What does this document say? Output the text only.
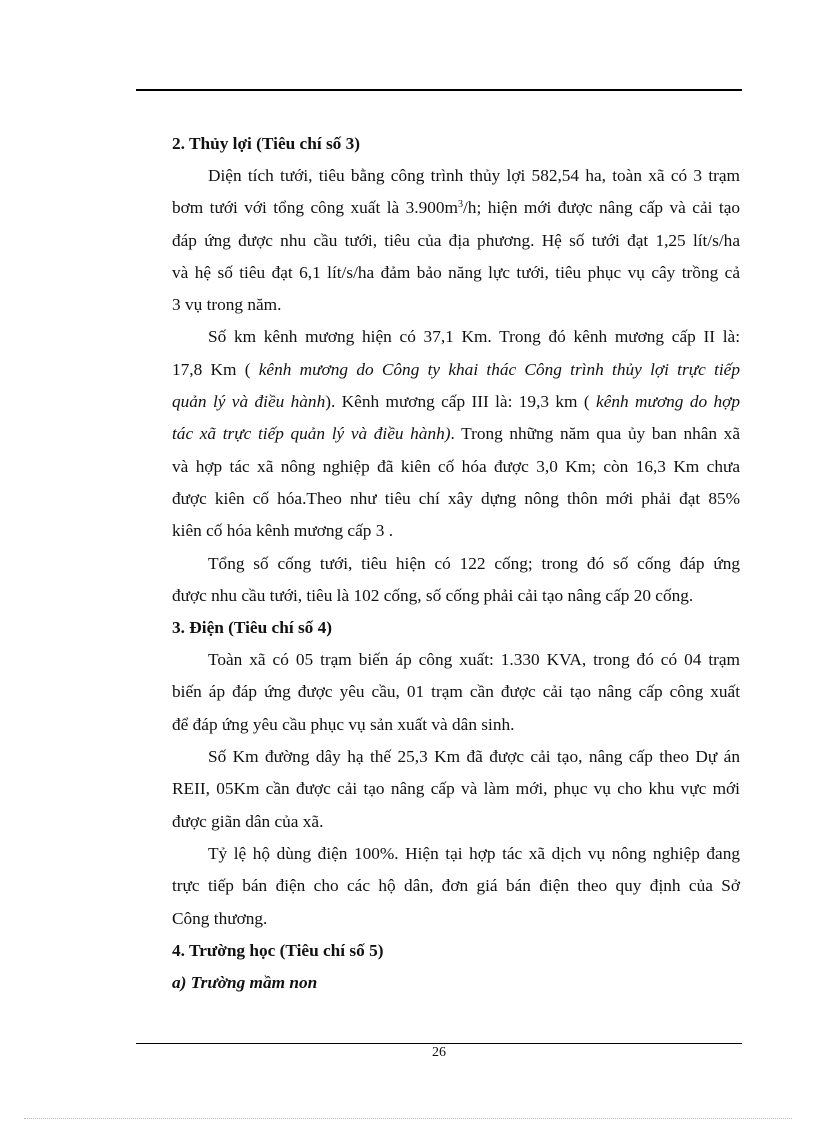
2. Thủy lợi (Tiêu chí số 3)

Diện tích tưới, tiêu bằng công trình thủy lợi 582,54 ha, toàn xã có 3 trạm
bơm tưới với tổng công xuất là $3.900m^3/h$; hiện mới được nâng cấp và cải tạo
đáp ứng được nhu cầu tưới, tiêu của địa phương. Hệ số tưới đạt 1,25 lít/s/ha
và hệ số tiêu đạt 6,1 lít/s/ha đảm bảo năng lực tưới, tiêu phục vụ cây trồng cả
3 vụ trong năm.

Số km kênh mương hiện có 37,1 Km. Trong đó kênh mương cấp II là:
17,8 Km ( kênh mương do Công ty khai thác Công trình thủy lợi trực tiếp
quản lý và điều hành). Kênh mương cấp III là: 19,3 km ( kênh mương do hợp
tác xã trực tiếp quản lý và điều hành). Trong những năm qua ủy ban nhân xã
và hợp tác xã nông nghiệp đã kiên cố hóa được 3,0 Km; còn 16,3 Km chưa
được kiên cố hóa.Theo như tiêu chí xây dựng nông thôn mới phải đạt 85%
kiên cố hóa kênh mương cấp 3 .

Tổng số cống tưới, tiêu hiện có 122 cống; trong đó số cống đáp ứng
được nhu cầu tưới, tiêu là 102 cống, số cống phải cải tạo nâng cấp 20 cống.

3. Điện (Tiêu chí số 4)

Toàn xã có 05 trạm biến áp công xuất: 1.330 KVA, trong đó có 04 trạm
biến áp đáp ứng được yêu cầu, 01 trạm cần được cải tạo nâng cấp công xuất
để đáp ứng yêu cầu phục vụ sản xuất và dân sinh.

Số Km đường dây hạ thế 25,3 Km đã được cải tạo, nâng cấp theo Dự án
REII, 05Km cần được cải tạo nâng cấp và làm mới, phục vụ cho khu vực mới
được giãn dân của xã.

Tỷ lệ hộ dùng điện 100%. Hiện tại hợp tác xã dịch vụ nông nghiệp đang
trực tiếp bán điện cho các hộ dân, đơn giá bán điện theo quy định của Sở
Công thương.

4. Trường học (Tiêu chí số 5)
a) Trường mầm non
26
